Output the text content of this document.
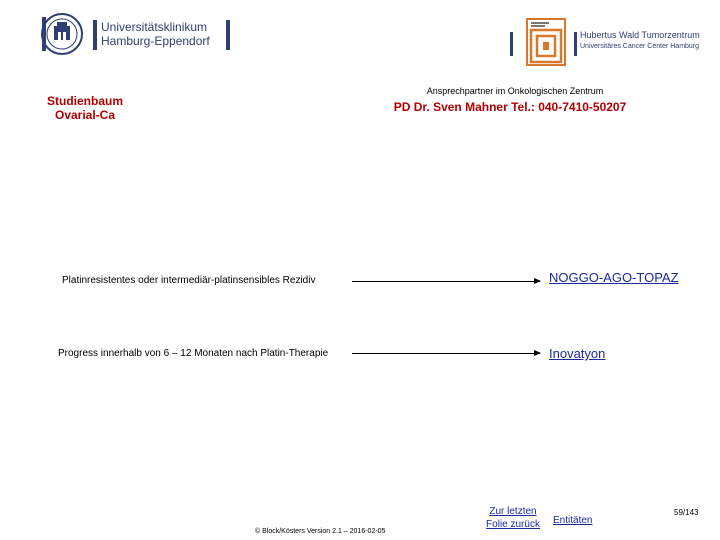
Universitätsklinikum
Hamburg-Eppendorf	Hubertus Wald Tumorzentrum
Universitäres Cancer Center Hamburg
Studienbaum
Ovarial-Ca
Ansprechpartner im Onkologischen Zentrum
PD Dr. Sven Mahner Tel.: 040-7410-50207
Platinresistentes oder intermediär-platinsensibles Rezidiv	NOGGO-AGO-TOPAZ
Progress innerhalb von 6 – 12 Monaten nach Platin-Therapie	Inovatyon
© Block/Kösters Version 2.1 – 2016-02-05
Zur letzten
Folie zurück	Entitäten
59/143
